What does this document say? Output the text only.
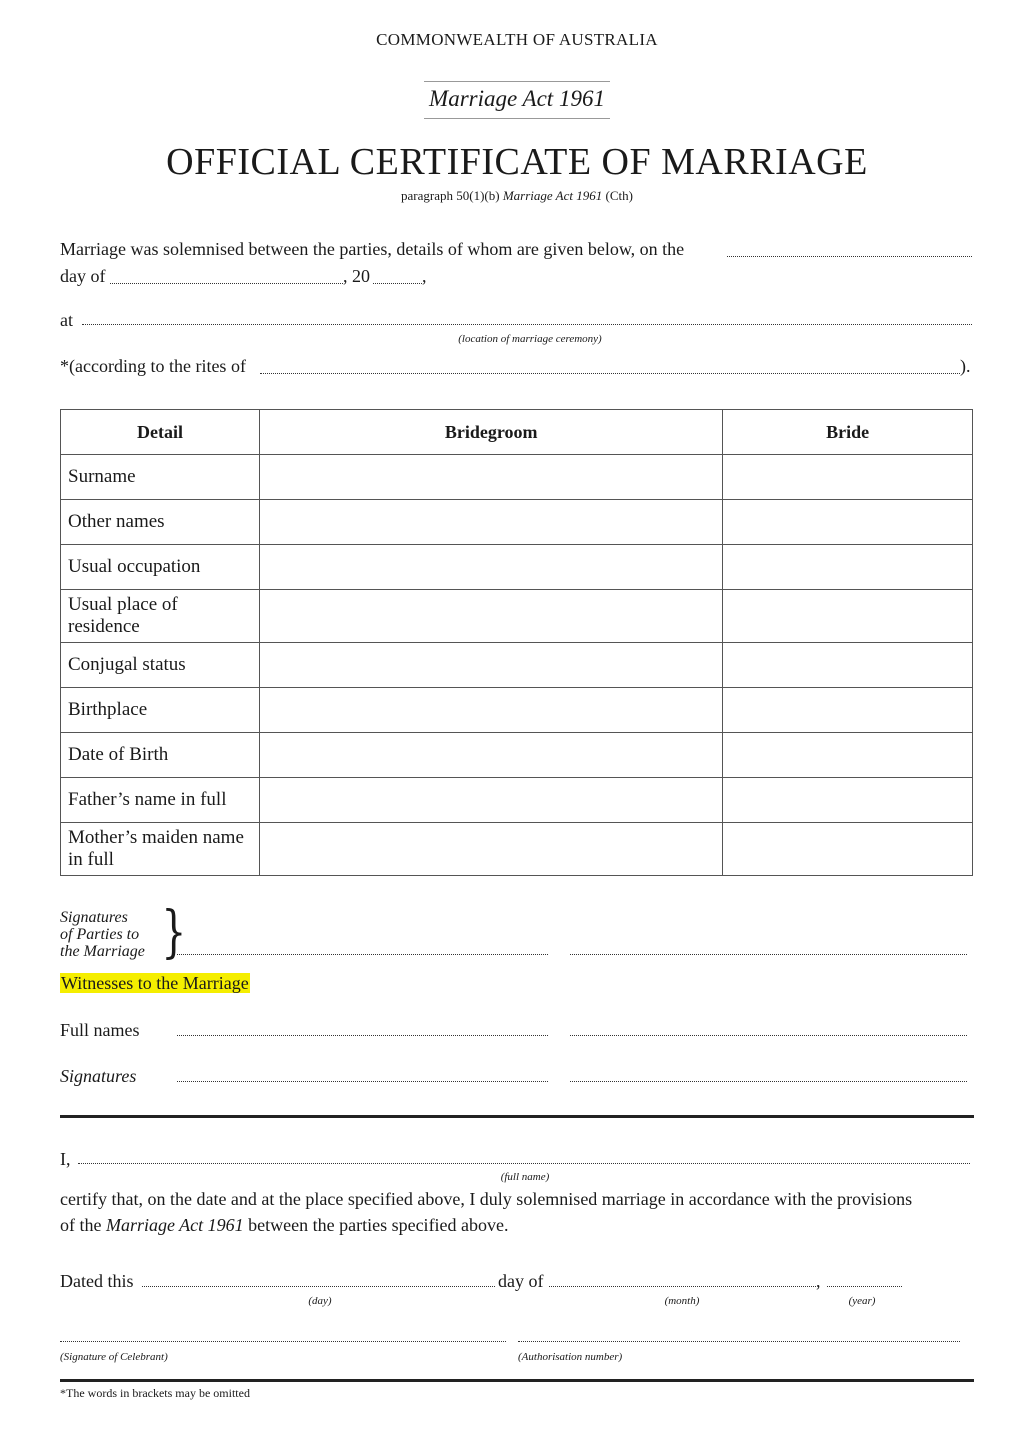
COMMONWEALTH OF AUSTRALIA
Marriage Act 1961
OFFICIAL CERTIFICATE OF MARRIAGE
paragraph 50(1)(b) Marriage Act 1961 (Cth)
Marriage was solemnised between the parties, details of whom are given below, on the
day of	, 20	,
at
(location of marriage ceremony)
*(according to the rites of	).
Detail	Bridegroom	Bride
Surname		
Other names		
Usual occupation		
Usual place of residence		
Conjugal status		
Birthplace		
Date of Birth		
Father’s name in full		
Mother’s maiden name in full		
Signatures
of Parties to
the Marriage }
Witnesses to the Marriage
Full names
Signatures
I,
(full name)
certify that, on the date and at the place specified above, I duly solemnised marriage in accordance with the provisions
of the Marriage Act 1961 between the parties specified above.
Dated this	day of	,
(day)	(month)	(year)
(Signature of Celebrant)	(Authorisation number)
*The words in brackets may be omitted
